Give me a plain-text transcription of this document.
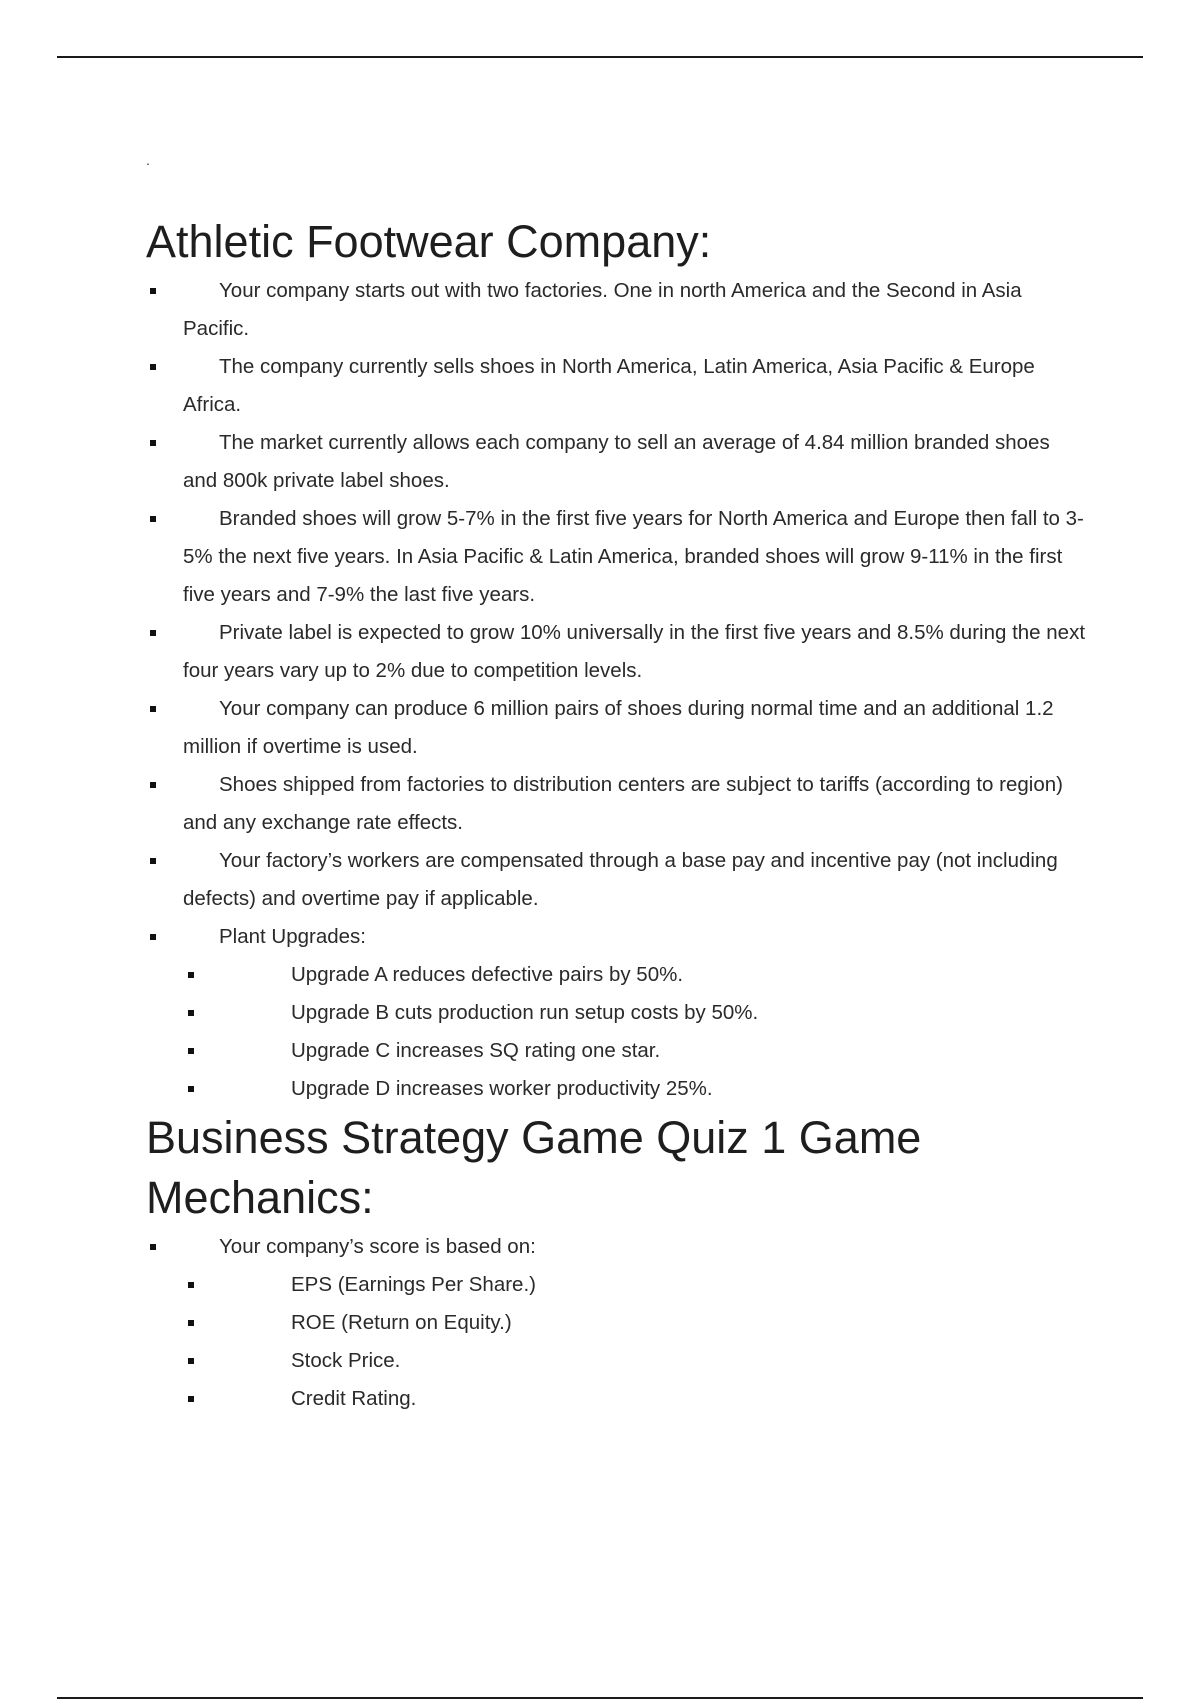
.
Athletic Footwear Company:
Your company starts out with two factories. One in north America and the Second in Asia Pacific.
The company currently sells shoes in North America, Latin America, Asia Pacific & Europe Africa.
The market currently allows each company to sell an average of 4.84 million branded shoes and 800k private label shoes.
Branded shoes will grow 5-7% in the first five years for North America and Europe then fall to 3-5% the next five years. In Asia Pacific & Latin America, branded shoes will grow 9-11% in the first five years and 7-9% the last five years.
Private label is expected to grow 10% universally in the first five years and 8.5% during the next four years vary up to 2% due to competition levels.
Your company can produce 6 million pairs of shoes during normal time and an additional 1.2 million if overtime is used.
Shoes shipped from factories to distribution centers are subject to tariffs (according to region) and any exchange rate effects.
Your factory’s workers are compensated through a base pay and incentive pay (not including defects) and overtime pay if applicable.
Plant Upgrades:
Upgrade A reduces defective pairs by 50%.
Upgrade B cuts production run setup costs by 50%.
Upgrade C increases SQ rating one star.
Upgrade D increases worker productivity 25%.
Business Strategy Game Quiz 1 Game
Mechanics:
Your company’s score is based on:
EPS (Earnings Per Share.)
ROE (Return on Equity.)
Stock Price.
Credit Rating.
